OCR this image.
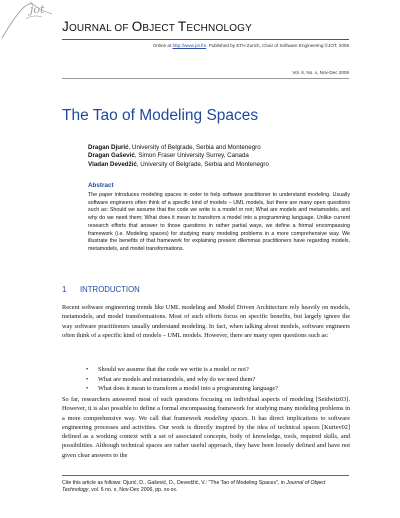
jot
JOURNAL OF OBJECT TECHNOLOGY
Online at http://www.jot.fm. Published by ETH Zurich, Chair of Software Engineering ©JOT, 2006
Vol. 6, No. x, Nov-Dec 2006
The Tao of Modeling Spaces
Dragan Djurić, University of Belgrade, Serbia and Montenegro
Dragan Gašević, Simon Fraser University Surrey, Canada
Vladan Devedžić, University of Belgrade, Serbia and Montenegro
Abstract
The paper introduces modeling spaces in order to help software practitioner to understand modeling. Usually software engineers often think of a specific kind of models – UML models, but there are many open questions such as: Should we assume that the code we write is a model or not; What are models and metamodels, and why do we need them; What does it mean to transform a model into a programming language. Unlike current research efforts that answer to those questions in rather partial ways, we define a formal encompassing framework (i.e. Modeling spaces) for studying many modeling problems in a more comprehensive way. We illustrate the benefits of that framework for explaining present dilemmas practitioners have regarding models, metamodels, and model transformations.
1 INTRODUCTION
Recent software engineering trends like UML modeling and Model Driven Architecture rely heavily on models, metamodels, and model transformations. Most of such efforts focus on specific benefits, but largely ignore the way software practitioners usually understand modeling. In fact, when talking about models, software engineers often think of a specific kind of models – UML models. However, there are many open questions such as:
• Should we assume that the code we write is a model or not?
• What are models and metamodels, and why do we need them?
• What does it mean to transform a model into a programming language?
So far, researchers answered most of such questions focusing on individual aspects of modeling [Seidwitz03]. However, it is also possible to define a formal encompassing framework for studying many modeling problems in a more comprehensive way. We call that framework modeling spaces. It has direct implications to software engineering processes and activities. Our work is directly inspired by the idea of technical spaces [Kurtev02] defined as a working context with a set of associated concepts, body of knowledge, tools, required skills, and possibilities. Although technical spaces are rather useful approach, they have been loosely defined and have not given clear answers to the
Cite this article as follows: Djurić, D., Gašević, D., Devedžić, V.: "The Tao of Modeling Spaces", in Journal of Object Technology, vol. 6 no. x, Nov-Dec 2006, pp. xx-xx.
